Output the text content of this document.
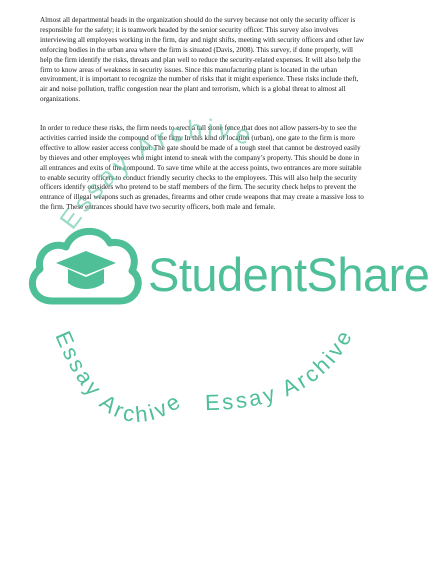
Almost all departmental heads in the organization should do the survey because not only the security officer is responsible for the safety; it is teamwork headed by the senior security officer. This survey also involves interviewing all employees working in the firm, day and night shifts, meeting with security officers and other law enforcing bodies in the urban area where the firm is situated (Davis, 2008). This survey, if done properly, will help the firm identify the risks, threats and plan well to reduce the security-related expenses. It will also help the firm to know areas of weakness in security issues. Since this manufacturing plant is located in the urban environment, it is important to recognize the number of risks that it might experience. These risks include theft, air and noise pollution, traffic congestion near the plant and terrorism, which is a global threat to almost all organizations.

In order to reduce these risks, the firm needs to erect a tall stone fence that does not allow passers-by to see the activities carried inside the compound of the firm. In this kind of location (urban), one gate to the firm is more effective to allow easier access control. The gate should be made of a tough steel that cannot be destroyed easily by thieves and other employees who might intend to sneak with the company’s property. This should be done in all entrances and exits of the compound. To save time while at the access points, two entrances are more suitable to enable security officers to conduct friendly security checks to the employees. This will also help the security officers identify outsiders who pretend to be staff members of the firm. The security check helps to prevent the entrance of illegal weapons such as grenades, firearms and other crude weapons that may create a massive loss to the firm. These entrances should have two security officers, both male and female.

Essay Archive
Essay Archive Essay Archive

StudentShare
